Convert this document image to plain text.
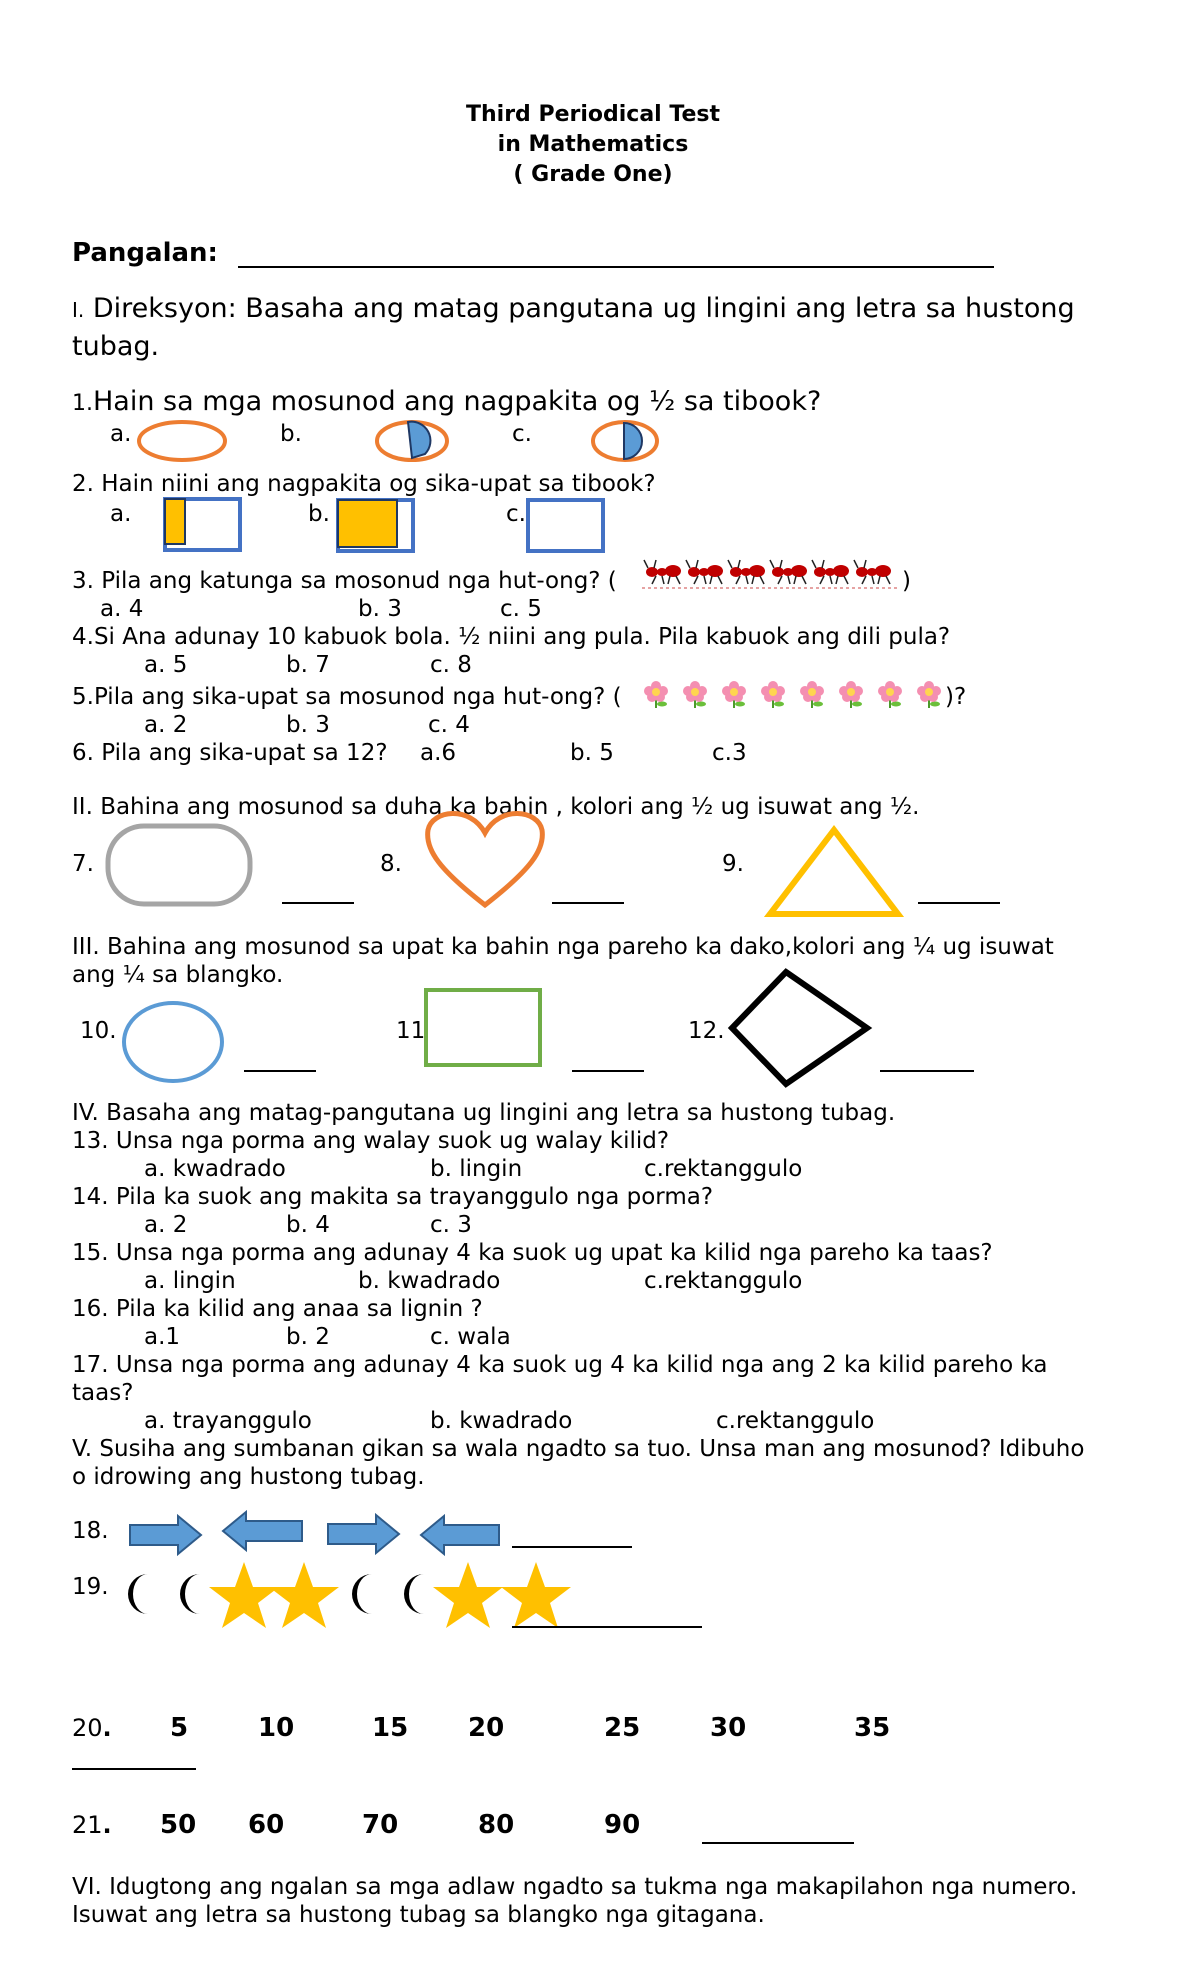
Third Periodical Test
in Mathematics
( Grade One)
Pangalan:
I. Direksyon: Basaha ang matag pangutana ug lingini ang letra sa hustong
tubag.
1.Hain sa mga mosunod ang nagpakita og ½ sa tibook?
a.	b.	c.
2. Hain niini ang nagpakita og sika-upat sa tibook?
a.	b.	c.
3. Pila ang katunga sa mosonud nga hut-ong? (	)
a. 4	b. 3	c. 5
4.Si Ana adunay 10 kabuok bola. ½ niini ang pula. Pila kabuok ang dili pula?
a. 5	b. 7	c. 8
5.Pila ang sika-upat sa mosunod nga hut-ong? (	)?
a. 2	b. 3	c. 4
6. Pila ang sika-upat sa 12? a.6	b. 5	c.3
II. Bahina ang mosunod sa duha ka bahin , kolori ang ½ ug isuwat ang ½.
7.	8.	9.
III. Bahina ang mosunod sa upat ka bahin nga pareho ka dako,kolori ang ¼ ug isuwat
ang ¼ sa blangko.
10.	11	12.
IV. Basaha ang matag-pangutana ug lingini ang letra sa hustong tubag.
13. Unsa nga porma ang walay suok ug walay kilid?
a. kwadrado	b. lingin	c.rektanggulo
14. Pila ka suok ang makita sa trayanggulo nga porma?
a. 2	b. 4	c. 3
15. Unsa nga porma ang adunay 4 ka suok ug upat ka kilid nga pareho ka taas?
a. lingin	b. kwadrado	c.rektanggulo
16. Pila ka kilid ang anaa sa lignin ?
a.1	b. 2	c. wala
17. Unsa nga porma ang adunay 4 ka suok ug 4 ka kilid nga ang 2 ka kilid pareho ka
taas?
a. trayanggulo	b. kwadrado	c.rektanggulo
V. Susiha ang sumbanan gikan sa wala ngadto sa tuo. Unsa man ang mosunod? Idibuho
o idrowing ang hustong tubag.
18.
19.
20. 5	10	15 20	25	30	35
21. 50 60	70	80	90
VI. Idugtong ang ngalan sa mga adlaw ngadto sa tukma nga makapilahon nga numero.
Isuwat ang letra sa hustong tubag sa blangko nga gitagana.
